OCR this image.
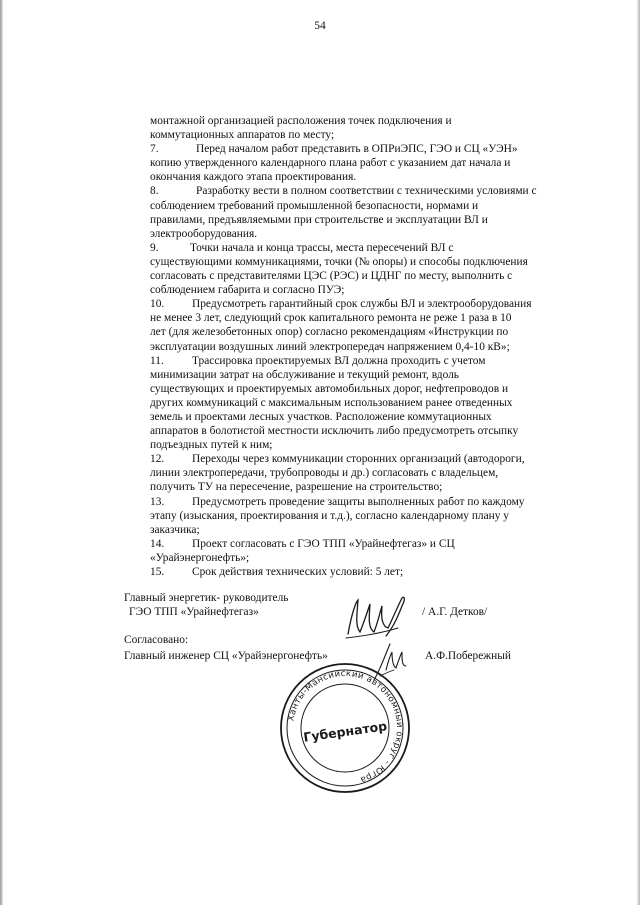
54
монтажной организацией расположения точек подключения и
коммутационных аппаратов по месту;
7.	Перед началом работ представить в ОПРиЭПС, ГЭО и СЦ «УЭН»
копию утвержденного календарного плана работ с указанием дат начала и
окончания каждого этапа проектирования.
8.	Разработку вести в полном соответствии с техническими условиями с
соблюдением требований промышленной безопасности, нормами и
правилами, предъявляемыми при строительстве и эксплуатации ВЛ и
электрооборудования.
9.	Точки начала и конца трассы, места пересечений ВЛ с
существующими коммуникациями, точки (№ опоры) и способы подключения
согласовать с представителями ЦЭС (РЭС) и ЦДНГ по месту, выполнить с
соблюдением габарита и согласно ПУЭ;
10. Предусмотреть гарантийный срок службы ВЛ и электрооборудования
не менее 3 лет, следующий срок капитального ремонта не реже 1 раза в 10
лет (для железобетонных опор) согласно рекомендациям «Инструкции по
эксплуатации воздушных линий электропередач напряжением 0,4-10 кВ»;
11. Трассировка проектируемых ВЛ должна проходить с учетом
минимизации затрат на обслуживание и текущий ремонт, вдоль
существующих и проектируемых автомобильных дорог, нефтепроводов и
других коммуникаций с максимальным использованием ранее отведенных
земель и проектами лесных участков. Расположение коммутационных
аппаратов в болотистой местности исключить либо предусмотреть отсыпку
подъездных путей к ним;
12. Переходы через коммуникации сторонних организаций (автодороги,
линии электропередачи, трубопроводы и др.) согласовать с владельцем,
получить ТУ на пересечение, разрешение на строительство;
13. Предусмотреть проведение защиты выполненных работ по каждому
этапу (изыскания, проектирования и т.д.), согласно календарному плану у
заказчика;
14. Проект согласовать с ГЭО ТПП «Урайнефтегаз» и СЦ
«Урайэнергонефть»;
15. Срок действия технических условий: 5 лет;
Главный энергетик- руководитель
ГЭО ТПП «Урайнефтегаз»	/ А.Г. Детков/
Согласовано:
Главный инженер СЦ «Урайэнергонефть»	А.Ф.Побережный
Ханты-Мансийский автономный округ - Югра
Губернатор
